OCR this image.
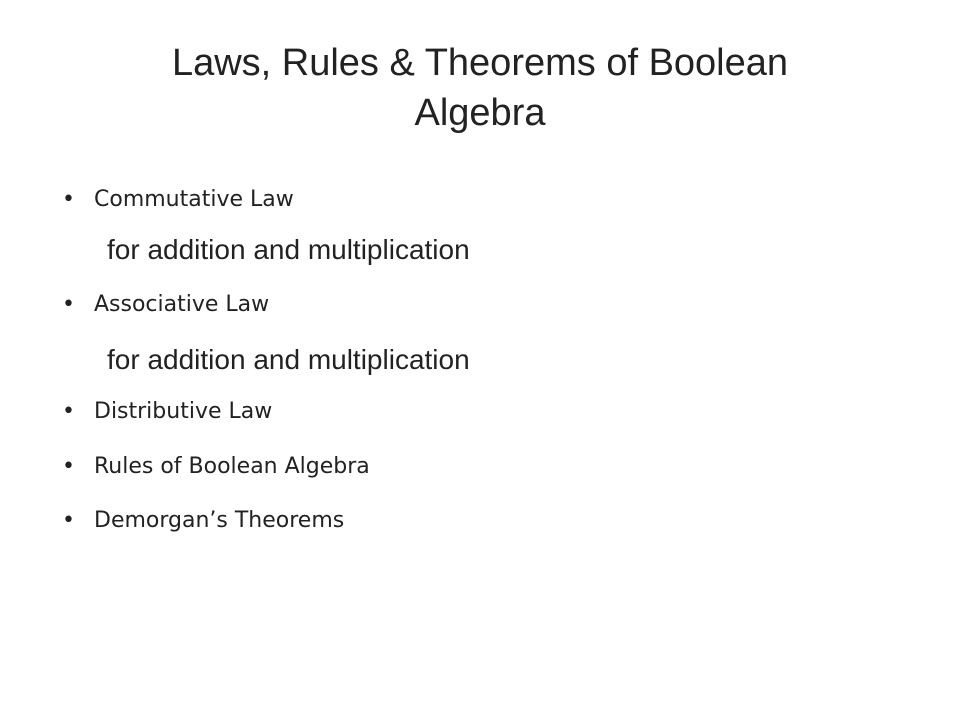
Laws, Rules & Theorems of Boolean
Algebra
• Commutative Law
for addition and multiplication
• Associative Law
for addition and multiplication
• Distributive Law
• Rules of Boolean Algebra
• Demorgan’s Theorems
